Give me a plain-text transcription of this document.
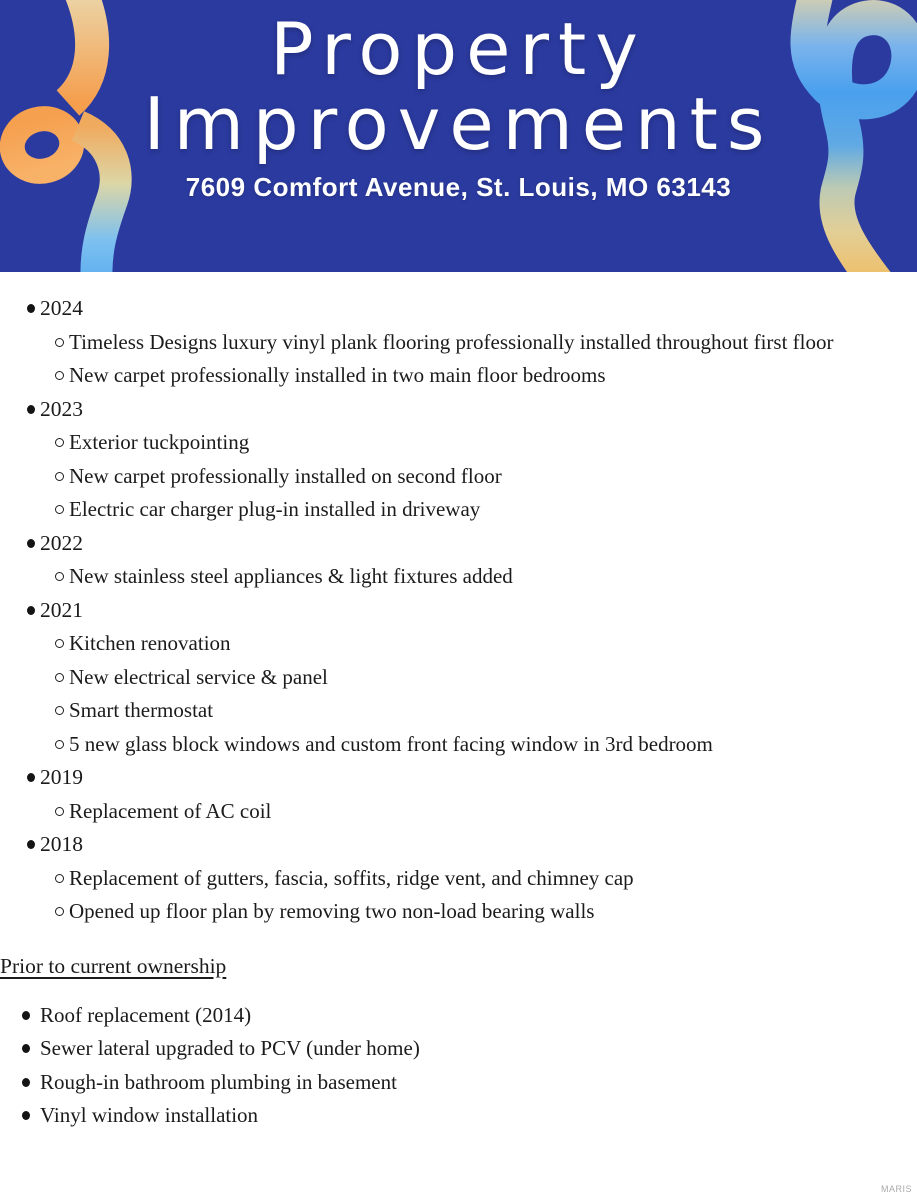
Property
Improvements
7609 Comfort Avenue, St. Louis, MO 63143
2024
Timeless Designs luxury vinyl plank flooring professionally installed throughout first floor
New carpet professionally installed in two main floor bedrooms
2023
Exterior tuckpointing
New carpet professionally installed on second floor
Electric car charger plug-in installed in driveway
2022
New stainless steel appliances & light fixtures added
2021
Kitchen renovation
New electrical service & panel
Smart thermostat
5 new glass block windows and custom front facing window in 3rd bedroom
2019
Replacement of AC coil
2018
Replacement of gutters, fascia, soffits, ridge vent, and chimney cap
Opened up floor plan by removing two non-load bearing walls
Prior to current ownership
Roof replacement (2014)
Sewer lateral upgraded to PCV (under home)
Rough-in bathroom plumbing in basement
Vinyl window installation
MARIS
